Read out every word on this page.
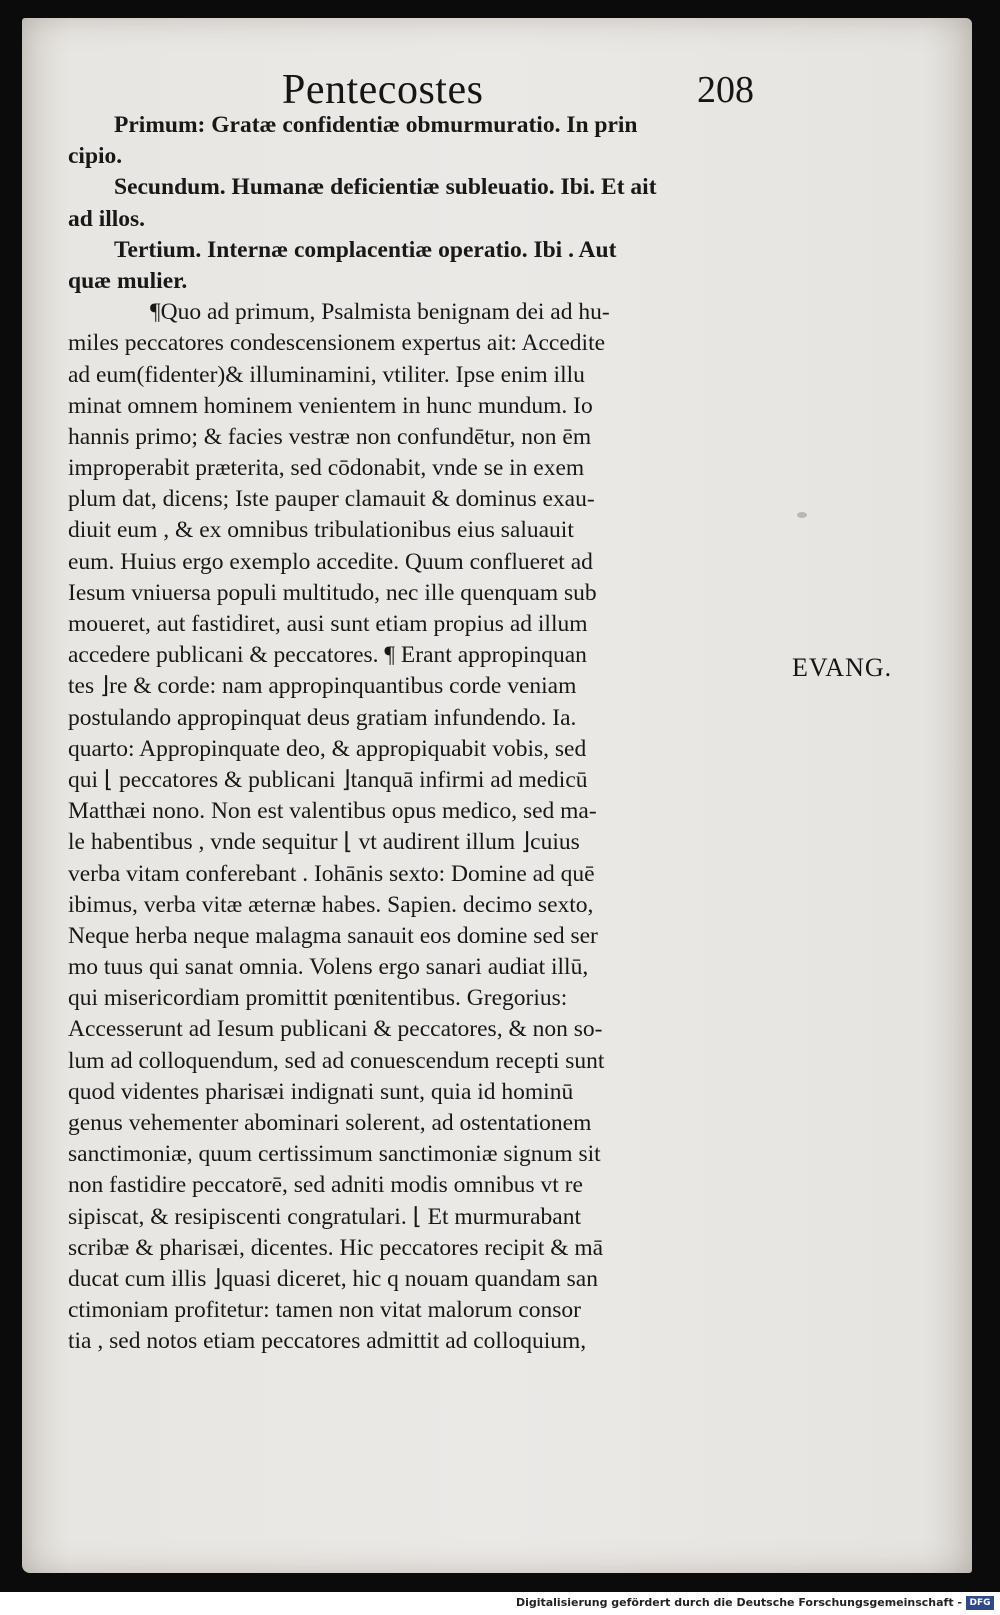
Pentecostes	208
EVANG.
Primum: Gratæ confidentiæ obmurmuratio. In prin
cipio.
Secundum. Humanæ deficientiæ subleuatio. Ibi. Et ait
ad illos.
Tertium. Internæ complacentiæ operatio. Ibi . Aut
quæ mulier.
¶Quo ad primum, Psalmista benignam dei ad hu-
miles peccatores condescensionem expertus ait: Accedite
ad eum(fidenter)& illuminamini, vtiliter. Ipse enim illu
minat omnem hominem venientem in hunc mundum. Io
hannis primo; & facies vestræ non confundētur, non ēm
improperabit præterita, sed cōdonabit, vnde se in exem
plum dat, dicens; Iste pauper clamauit & dominus exau-
diuit eum , & ex omnibus tribulationibus eius saluauit
eum. Huius ergo exemplo accedite. Quum conflueret ad
Iesum vniuersa populi multitudo, nec ille quenquam sub
moueret, aut fastidiret, ausi sunt etiam propius ad illum
accedere publicani & peccatores. ¶ Erant appropinquan
tes ⌋re & corde: nam appropinquantibus corde veniam
postulando appropinquat deus gratiam infundendo. Ia.
quarto: Appropinquate deo, & appropiquabit vobis, sed
qui ⌊ peccatores & publicani ⌋tanquā infirmi ad medicū
Matthæi nono. Non est valentibus opus medico, sed ma-
le habentibus , vnde sequitur ⌊ vt audirent illum ⌋cuius
verba vitam conferebant . Iohānis sexto: Domine ad quē
ibimus, verba vitæ æternæ habes. Sapien. decimo sexto,
Neque herba neque malagma sanauit eos domine sed ser
mo tuus qui sanat omnia. Volens ergo sanari audiat illū,
qui misericordiam promittit pœnitentibus. Gregorius:
Accesserunt ad Iesum publicani & peccatores, & non so-
lum ad colloquendum, sed ad conuescendum recepti sunt
quod videntes pharisæi indignati sunt, quia id hominū
genus vehementer abominari solerent, ad ostentationem
sanctimoniæ, quum certissimum sanctimoniæ signum sit
non fastidire peccatorē, sed adniti modis omnibus vt re
sipiscat, & resipiscenti congratulari. ⌊ Et murmurabant
scribæ & pharisæi, dicentes. Hic peccatores recipit & mā
ducat cum illis ⌋quasi diceret, hic q nouam quandam san
ctimoniam profitetur: tamen non vitat malorum consor
tia , sed notos etiam peccatores admittit ad colloquium,
Digitalisierung gefördert durch die Deutsche Forschungsgemeinschaft - DFG
